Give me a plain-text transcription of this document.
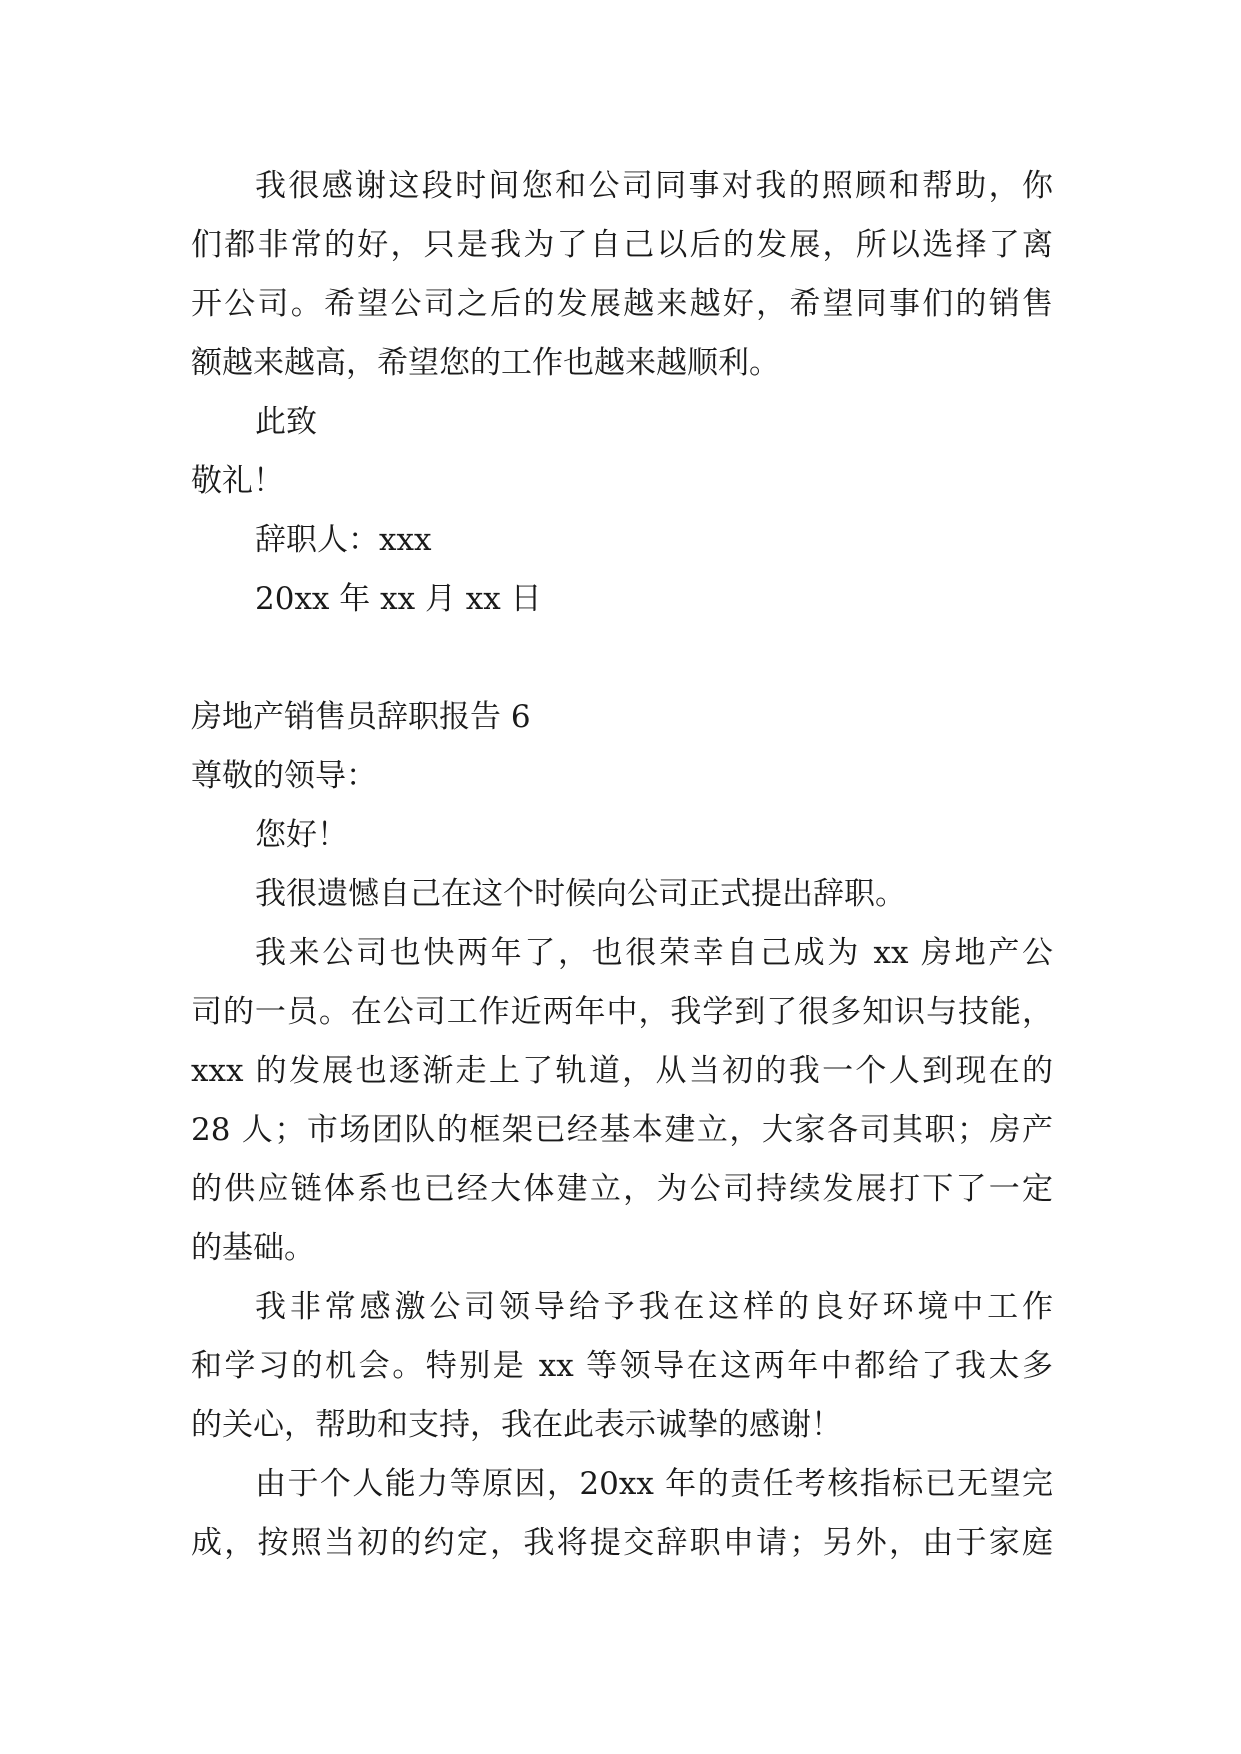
我很感谢这段时间您和公司同事对我的照顾和帮助，你

们都非常的好，只是我为了自己以后的发展，所以选择了离

开公司。希望公司之后的发展越来越好，希望同事们的销售

额越来越高，希望您的工作也越来越顺利。

此致

敬礼！

辞职人：xxx

20xx 年 xx 月 xx 日

房地产销售员辞职报告 6

尊敬的领导：

您好！

我很遗憾自己在这个时候向公司正式提出辞职。

我来公司也快两年了，也很荣幸自己成为 xx 房地产公

司的一员。在公司工作近两年中，我学到了很多知识与技能，

xxx 的发展也逐渐走上了轨道，从当初的我一个人到现在的

28 人；市场团队的框架已经基本建立，大家各司其职；房产

的供应链体系也已经大体建立，为公司持续发展打下了一定

的基础。

我非常感激公司领导给予我在这样的良好环境中工作

和学习的机会。特别是 xx 等领导在这两年中都给了我太多

的关心，帮助和支持，我在此表示诚挚的感谢！

由于个人能力等原因，20xx 年的责任考核指标已无望完

成，按照当初的约定，我将提交辞职申请；另外，由于家庭
